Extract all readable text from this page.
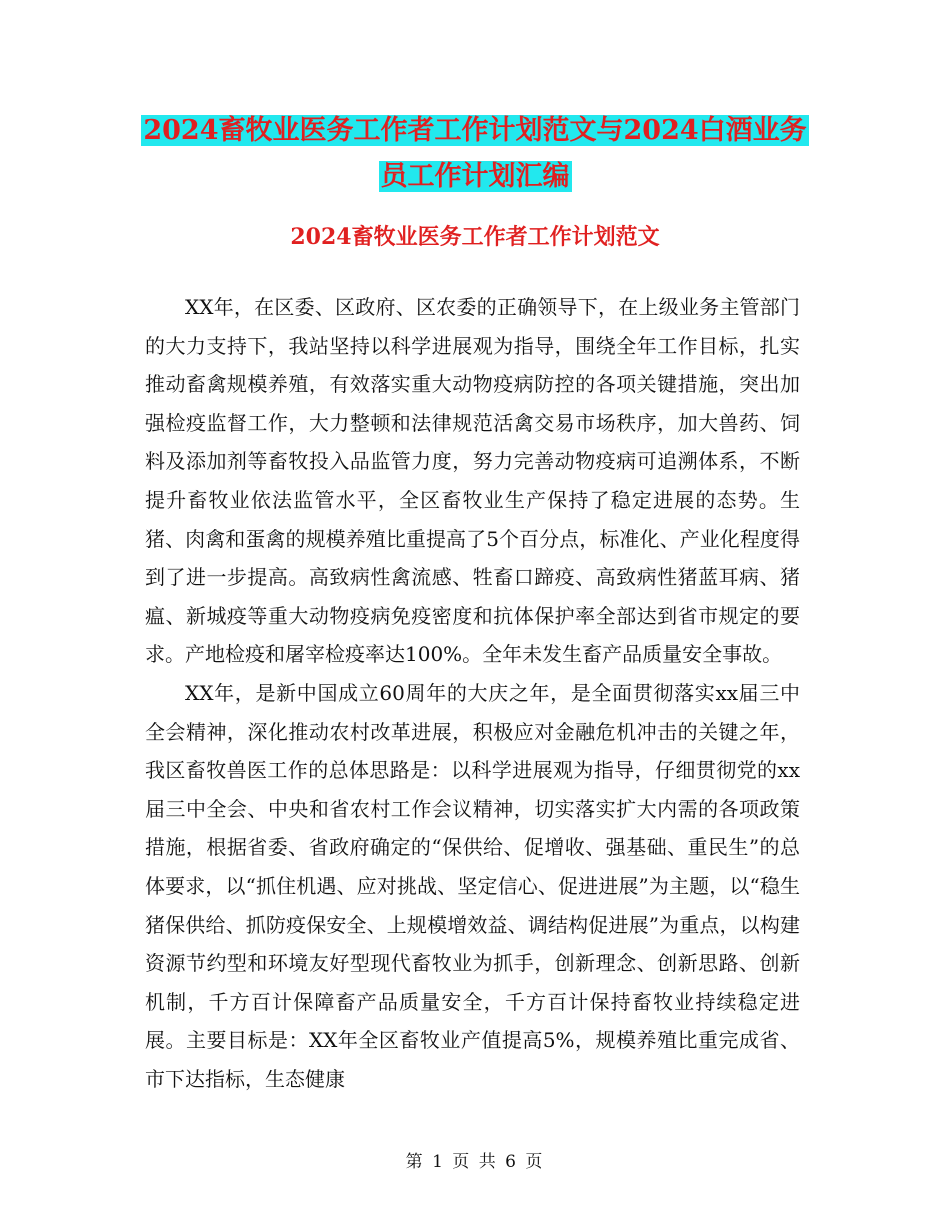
2024畜牧业医务工作者工作计划范文与2024白酒业务
员工作计划汇编
2024畜牧业医务工作者工作计划范文

XX年，在区委、区政府、区农委的正确领导下，在上级业务主管部门的大力支持下，我站坚持以科学进展观为指导，围绕全年工作目标，扎实推动畜禽规模养殖，有效落实重大动物疫病防控的各项关键措施，突出加强检疫监督工作，大力整顿和法律规范活禽交易市场秩序，加大兽药、饲料及添加剂等畜牧投入品监管力度，努力完善动物疫病可追溯体系，不断提升畜牧业依法监管水平，全区畜牧业生产保持了稳定进展的态势。生猪、肉禽和蛋禽的规模养殖比重提高了5个百分点，标准化、产业化程度得到了进一步提高。高致病性禽流感、牲畜口蹄疫、高致病性猪蓝耳病、猪瘟、新城疫等重大动物疫病免疫密度和抗体保护率全部达到省市规定的要求。产地检疫和屠宰检疫率达100%。全年未发生畜产品质量安全事故。

XX年，是新中国成立60周年的大庆之年，是全面贯彻落实xx届三中全会精神，深化推动农村改革进展，积极应对金融危机冲击的关键之年，我区畜牧兽医工作的总体思路是：以科学进展观为指导，仔细贯彻党的xx届三中全会、中央和省农村工作会议精神，切实落实扩大内需的各项政策措施，根据省委、省政府确定的“保供给、促增收、强基础、重民生”的总体要求，以“抓住机遇、应对挑战、坚定信心、促进进展”为主题，以“稳生猪保供给、抓防疫保安全、上规模增效益、调结构促进展”为重点，以构建资源节约型和环境友好型现代畜牧业为抓手，创新理念、创新思路、创新机制，千方百计保障畜产品质量安全，千方百计保持畜牧业持续稳定进展。主要目标是：XX年全区畜牧业产值提高5%，规模养殖比重完成省、市下达指标，生态健康

第 1 页 共 6 页
